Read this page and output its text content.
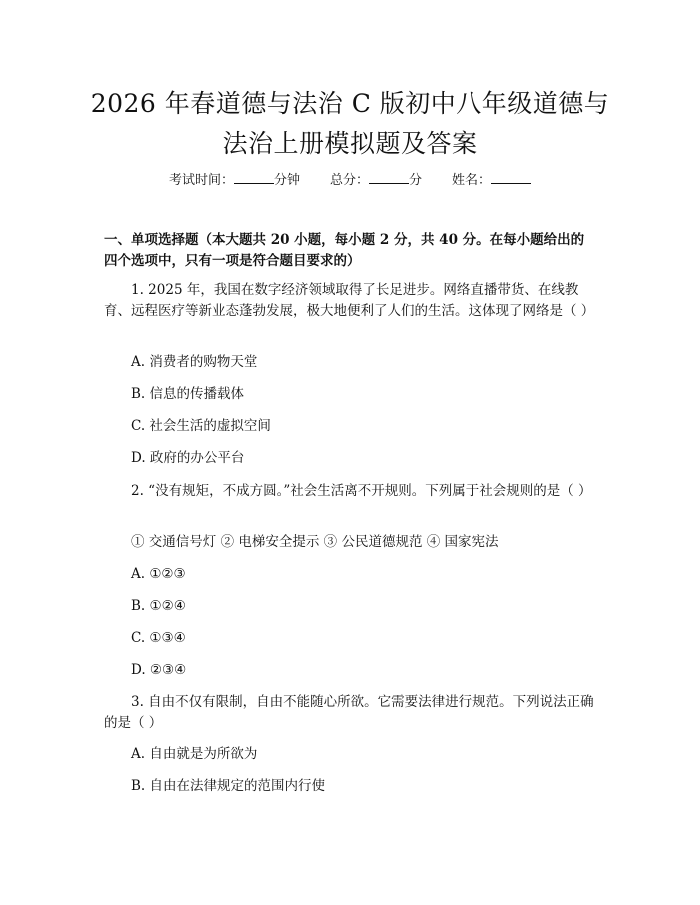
2026 年春道德与法治 C 版初中八年级道德与
法治上册模拟题及答案
考试时间：	分钟 总分：	分 姓名：
一、单项选择题（本大题共 20 小题，每小题 2 分，共 40 分。在每小题给出的四个选项中，只有一项是符合题目要求的）
1. 2025 年，我国在数字经济领域取得了长足进步。网络直播带货、在线教育、远程医疗等新业态蓬勃发展，极大地便利了人们的生活。这体现了网络是（ ）
A. 消费者的购物天堂
B. 信息的传播载体
C. 社会生活的虚拟空间
D. 政府的办公平台
2. “没有规矩，不成方圆。”社会生活离不开规则。下列属于社会规则的是（ ）
① 交通信号灯 ② 电梯安全提示 ③ 公民道德规范 ④ 国家宪法
A. ①②③
B. ①②④
C. ①③④
D. ②③④
3. 自由不仅有限制，自由不能随心所欲。它需要法律进行规范。下列说法正确的是（ ）
A. 自由就是为所欲为
B. 自由在法律规定的范围内行使
